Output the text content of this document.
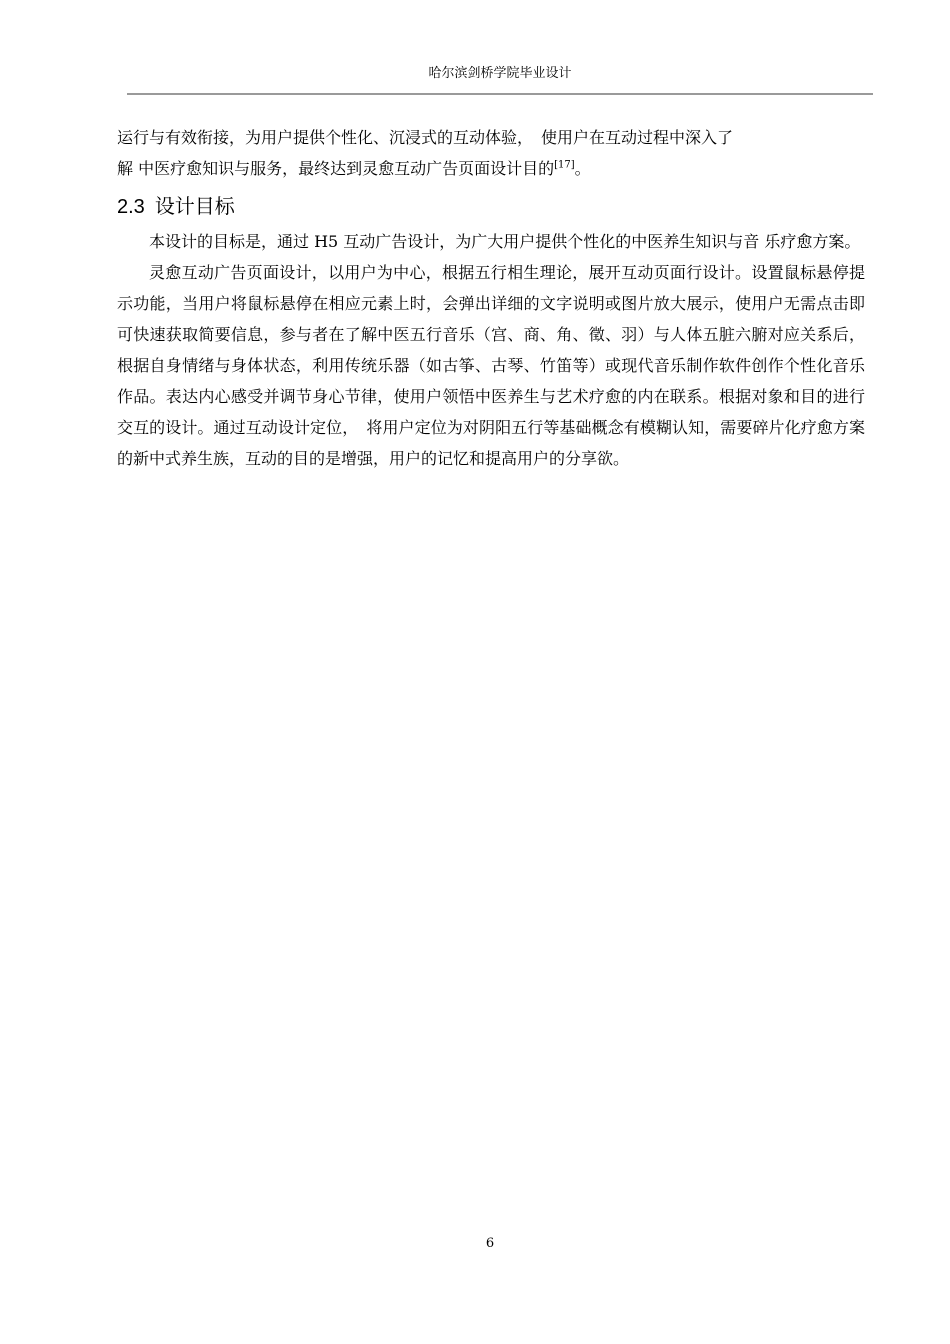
哈尔滨剑桥学院毕业设计

运行与有效衔接，为用户提供个性化、沉浸式的互动体验，　使用户在互动过程中深入了
解 中医疗愈知识与服务，最终达到灵愈互动广告页面设计目的[17]。

2.3 设计目标

本设计的目标是，通过 H5 互动广告设计，为广大用户提供个性化的中医养生知识与音 乐疗愈方案。

灵愈互动广告页面设计，以用户为中心，根据五行相生理论，展开互动页面行设计。设置鼠标悬停提示功能，当用户将鼠标悬停在相应元素上时，会弹出详细的文字说明或图片放大展示，使用户无需点击即可快速获取简要信息，参与者在了解中医五行音乐（宫、商、角、徵、羽）与人体五脏六腑对应关系后，根据自身情绪与身体状态，利用传统乐器（如古筝、古琴、竹笛等）或现代音乐制作软件创作个性化音乐作品。表达内心感受并调节身心节律，使用户领悟中医养生与艺术疗愈的内在联系。根据对象和目的进行交互的设计。通过互动设计定位，　将用户定位为对阴阳五行等基础概念有模糊认知，需要碎片化疗愈方案的新中式养生族，互动的目的是增强，用户的记忆和提高用户的分享欲。

6
